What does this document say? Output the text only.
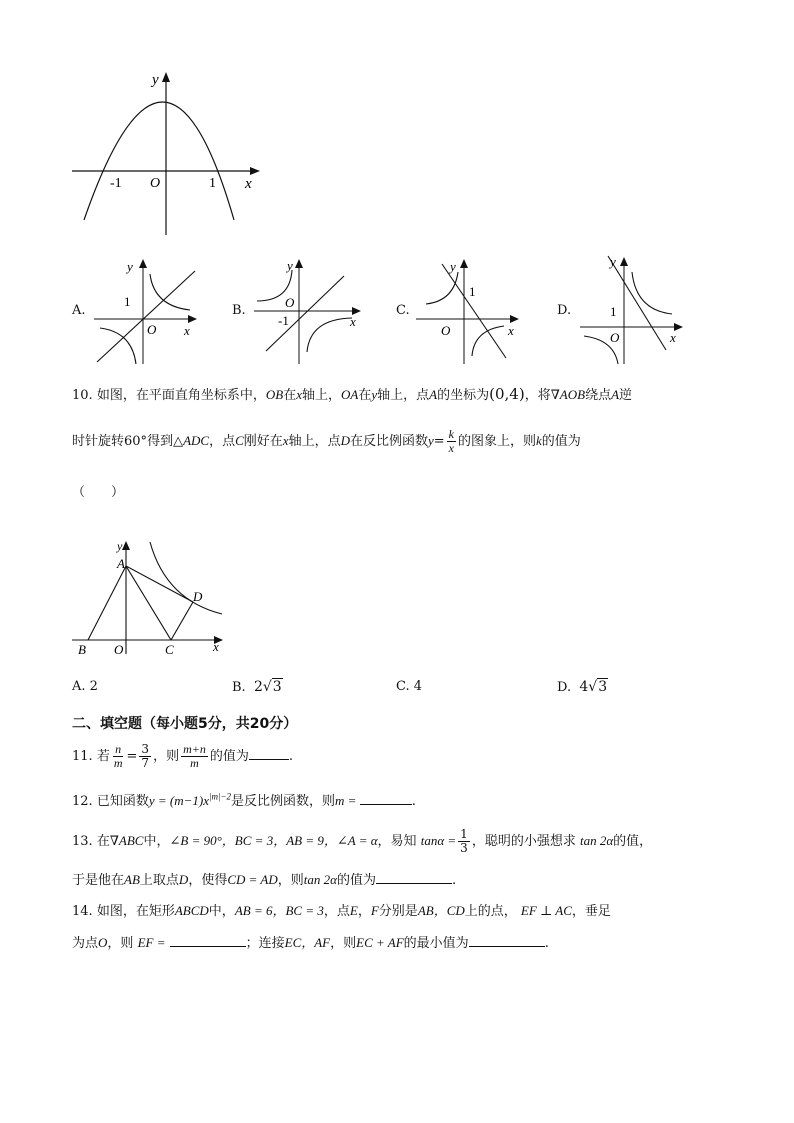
y
x
O
-1	1
A.
y
x
O
1
B.
y
x
O
-1
C.
y
x
O
1
D.
y
x
O
1
10. 如图，在平面直角坐标系中，OB在x轴上，OA在y轴上，点A的坐标为(0,4)，将∇AOB绕点A逆
时针旋转60°得到△ADC，点C刚好在x轴上，点D在反比例函数$y= \frac{k}{x}$ 的图象上，则k的值为
（　　）
y
x
A
B O	C
D
A. 2	B. 2√3	C. 4	D. 4√3
二、填空题（每小题5分，共20分）
11. 若 $\frac{n}{m} = \frac{3}{7}$ ，则 $\frac{m+n}{m}$ 的值为	.
12. 已知函数$y = (m-1)x^{|m|-2}$是反比例函数，则m =	.
13. 在∇ABC中，∠B = 90°，BC = 3，AB = 9，∠A = α，易知 $\tan\alpha = \frac{1}{3}$ ，聪明的小强想求 tan 2α的值，
于是他在AB上取点D，使得CD = AD，则tan 2α的值为	.
14. 如图，在矩形ABCD中，AB = 6，BC = 3，点E，F分别是AB，CD上的点， EF ⊥ AC，垂足
为点O，则 EF =	；连接EC，AF，则EC + AF的最小值为	.
